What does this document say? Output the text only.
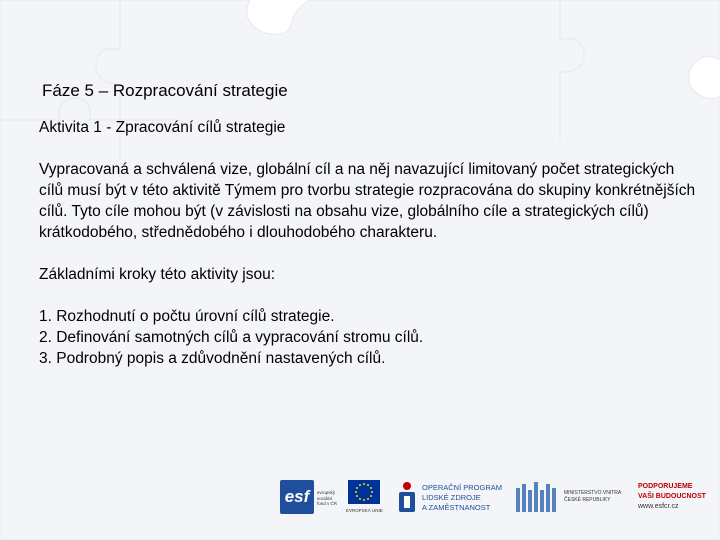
Fáze 5 – Rozpracování strategie

Aktivita 1 - Zpracování cílů strategie

Vypracovaná a schválená vize, globální cíl a na něj navazující limitovaný počet strategických cílů musí být v této aktivitě Týmem pro tvorbu strategie rozpracována do skupiny konkrétnějších cílů. Tyto cíle mohou být (v závislosti na obsahu vize, globálního cíle a strategických cílů) krátkodobého, střednědobého i dlouhodobého charakteru.

Základními kroky této aktivity jsou:

1. Rozhodnutí o počtu úrovní cílů strategie.
2. Definování samotných cílů a vypracování stromu cílů.
3. Podrobný popis a zdůvodnění nastavených cílů.
esf	evropský
sociální
fond v ČR
EVROPSKÁ UNIE
OPERAČNÍ PROGRAM
LIDSKÉ ZDROJE
A ZAMĚSTNANOST
MINISTERSTVO VNITRA
ČESKÉ REPUBLIKY
PODPORUJEME
VAŠI BUDOUCNOST
www.esfcr.cz
